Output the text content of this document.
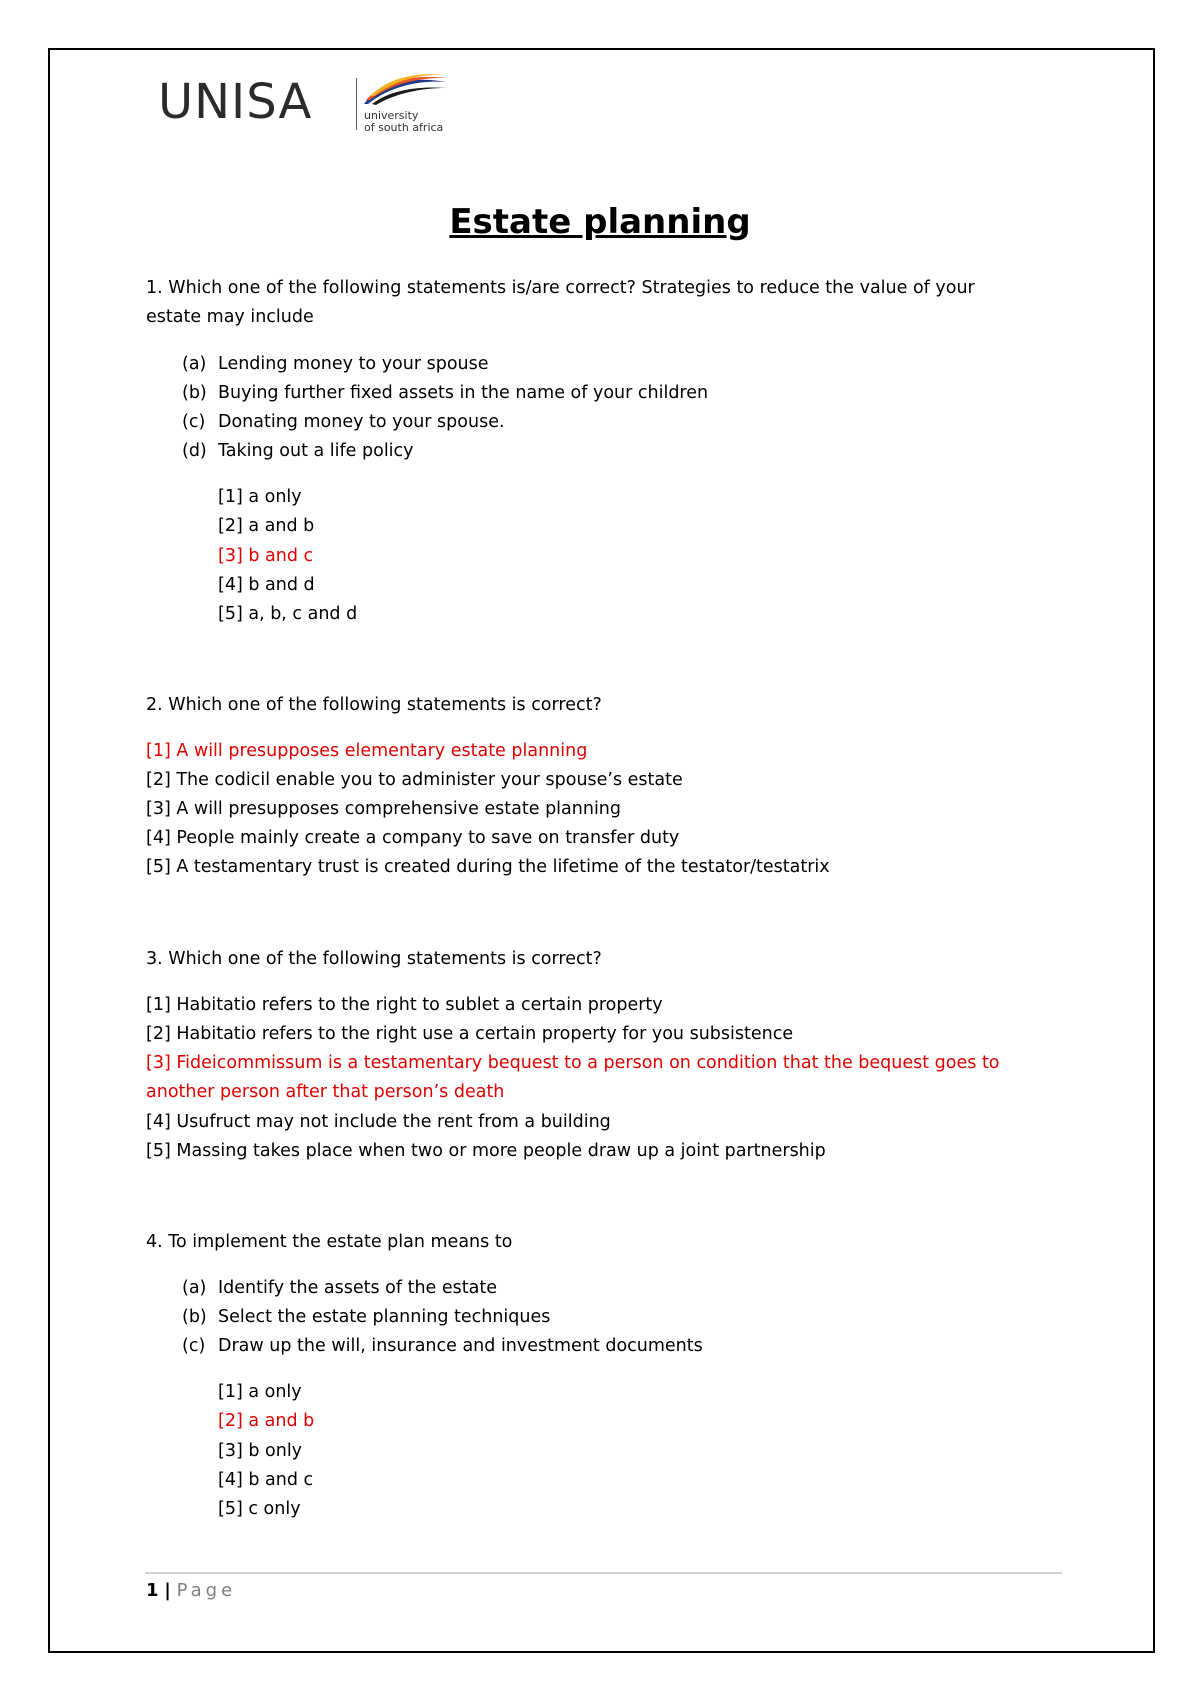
UNISA	university
of south africa
Estate planning
1. Which one of the following statements is/are correct? Strategies to reduce the value of your
estate may include
(a) Lending money to your spouse
(b) Buying further fixed assets in the name of your children
(c) Donating money to your spouse.
(d) Taking out a life policy
[1] a only
[2] a and b
[3] b and c
[4] b and d
[5] a, b, c and d
2. Which one of the following statements is correct?
[1] A will presupposes elementary estate planning
[2] The codicil enable you to administer your spouse’s estate
[3] A will presupposes comprehensive estate planning
[4] People mainly create a company to save on transfer duty
[5] A testamentary trust is created during the lifetime of the testator/testatrix
3. Which one of the following statements is correct?
[1] Habitatio refers to the right to sublet a certain property
[2] Habitatio refers to the right use a certain property for you subsistence
[3] Fideicommissum is a testamentary bequest to a person on condition that the bequest goes to
another person after that person’s death
[4] Usufruct may not include the rent from a building
[5] Massing takes place when two or more people draw up a joint partnership
4. To implement the estate plan means to
(a) Identify the assets of the estate
(b) Select the estate planning techniques
(c) Draw up the will, insurance and investment documents
[1] a only
[2] a and b
[3] b only
[4] b and c
[5] c only
1 | Page
